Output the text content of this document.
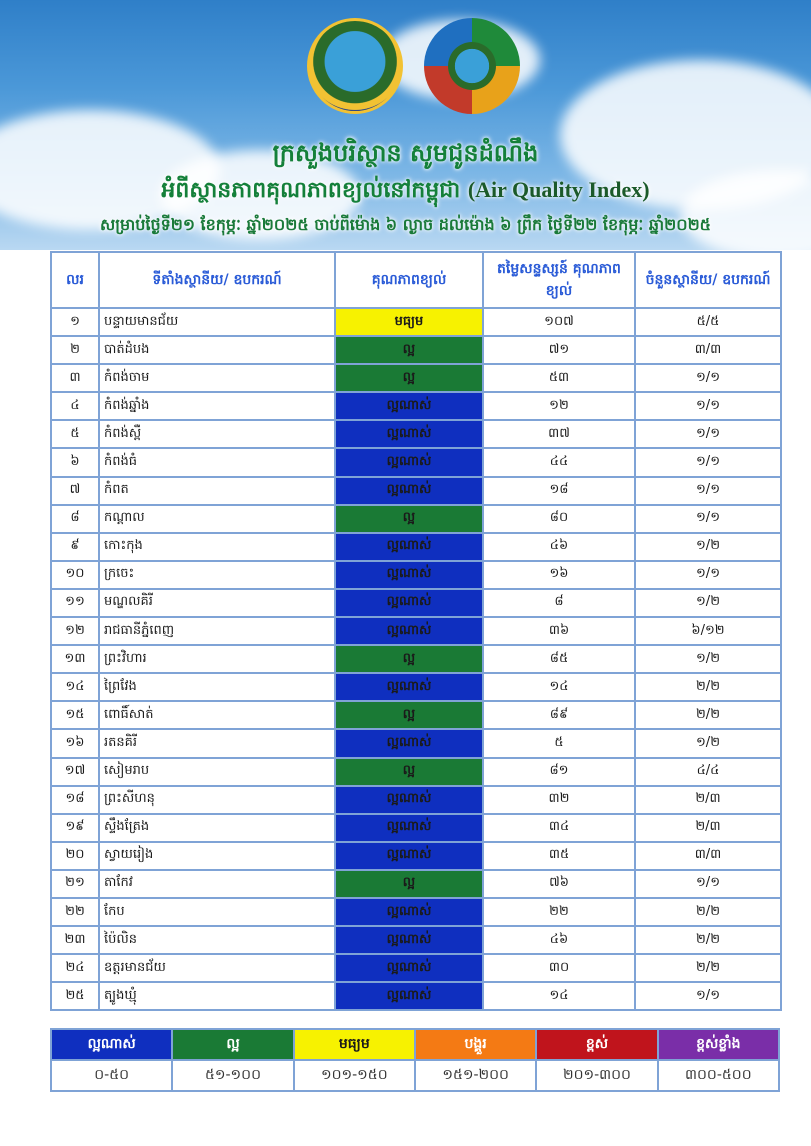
ក្រសួងបរិស្ថាន សូមជូនដំណឹង
អំពីស្ថានភាពគុណភាពខ្យល់នៅកម្ពុជា (Air Quality Index)
សម្រាប់ថ្ងៃទី២១ ខែកុម្ភៈ ឆ្នាំ២០២៥ ចាប់ពីម៉ោង ៦ ល្ងាច ដល់ម៉ោង ៦ ព្រឹក ថ្ងៃទី២២ ខែកុម្ភៈ ឆ្នាំ២០២៥
លរ	ទីតាំងស្ថានីយ/ ឧបករណ៍	គុណភាពខ្យល់	តម្លៃសន្ទស្សន៍ គុណភាពខ្យល់	ចំនួនស្ថានីយ/ ឧបករណ៍
១	បន្ទាយមានជ័យ	មធ្យម	១០៧	៥/៥
២	បាត់ដំបង	ល្អ	៧១	៣/៣
៣	កំពង់ចាម	ល្អ	៥៣	១/១
៤	កំពង់ឆ្នាំង	ល្អណាស់	១២	១/១
៥	កំពង់ស្ពឺ	ល្អណាស់	៣៧	១/១
៦	កំពង់ធំ	ល្អណាស់	៤៤	១/១
៧	កំពត	ល្អណាស់	១៨	១/១
៨	កណ្តាល	ល្អ	៨០	១/១
៩	កោះកុង	ល្អណាស់	៤៦	១/២
១០	ក្រចេះ	ល្អណាស់	១៦	១/១
១១	មណ្ឌលគិរី	ល្អណាស់	៨	១/២
១២	រាជធានីភ្នំពេញ	ល្អណាស់	៣៦	៦/១២
១៣	ព្រះវិហារ	ល្អ	៨៥	១/២
១៤	ព្រៃវែង	ល្អណាស់	១៤	២/២
១៥	ពោធិ៍សាត់	ល្អ	៨៩	២/២
១៦	រតនគិរី	ល្អណាស់	៥	១/២
១៧	សៀមរាប	ល្អ	៨១	៤/៤
១៨	ព្រះសីហនុ	ល្អណាស់	៣២	២/៣
១៩	ស្ទឹងត្រែង	ល្អណាស់	៣៤	២/៣
២០	ស្វាយរៀង	ល្អណាស់	៣៥	៣/៣
២១	តាកែវ	ល្អ	៧៦	១/១
២២	កែប	ល្អណាស់	២២	២/២
២៣	ប៉ៃលិន	ល្អណាស់	៤៦	២/២
២៤	ឧត្តរមានជ័យ	ល្អណាស់	៣០	២/២
២៥	ត្បូងឃ្មុំ	ល្អណាស់	១៤	១/១
ល្អណាស់	ល្អ	មធ្យម	បង្គួរ	ខ្ពស់	ខ្ពស់ខ្លាំង
០-៥០	៥១-១០០	១០១-១៥០	១៥១-២០០	២០១-៣០០	៣០០-៥០០
